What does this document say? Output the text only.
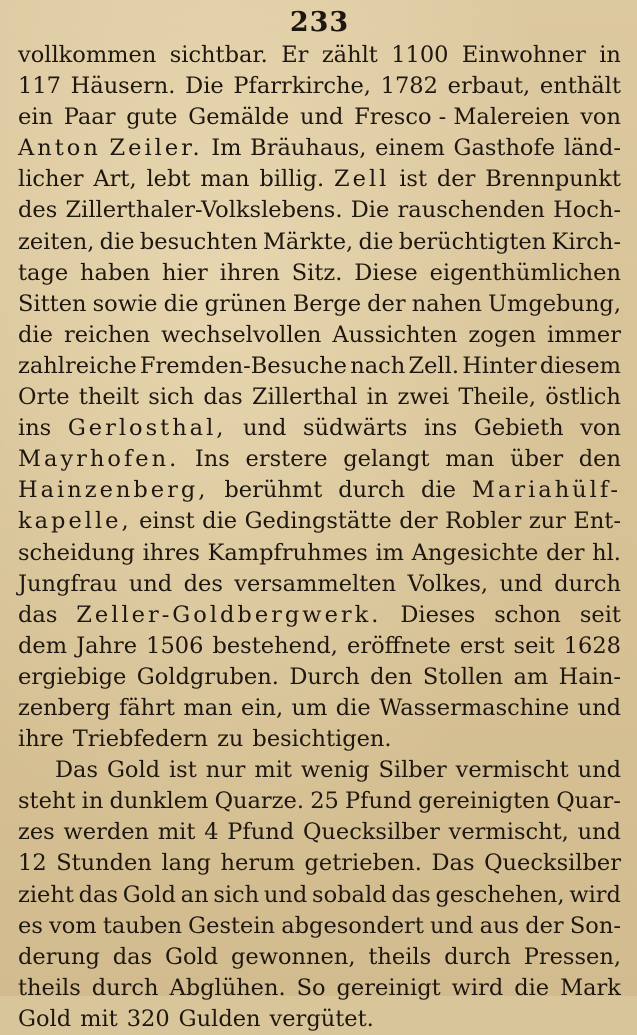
233
vollkommen sichtbar. Er zählt 1100 Einwohner in
117 Häusern. Die Pfarrkirche, 1782 erbaut, enthält
ein Paar gute Gemälde und Fresco - Malereien von
Anton Zeiler. Im Bräuhaus, einem Gasthofe länd-
licher Art, lebt man billig. Zell ist der Brennpunkt
des Zillerthaler-Volkslebens. Die rauschenden Hoch-
zeiten, die besuchten Märkte, die berüchtigten Kirch-
tage haben hier ihren Sitz. Diese eigenthümlichen
Sitten sowie die grünen Berge der nahen Umgebung,
die reichen wechselvollen Aussichten zogen immer
zahlreiche Fremden-Besuche nach Zell. Hinter diesem
Orte theilt sich das Zillerthal in zwei Theile, östlich
ins Gerlosthal, und südwärts ins Gebieth von
Mayrhofen. Ins erstere gelangt man über den
Hainzenberg, berühmt durch die Mariahülf-
kapelle, einst die Gedingstätte der Robler zur Ent-
scheidung ihres Kampfruhmes im Angesichte der hl.
Jungfrau und des versammelten Volkes, und durch
das Zeller-Goldbergwerk. Dieses schon seit
dem Jahre 1506 bestehend, eröffnete erst seit 1628
ergiebige Goldgruben. Durch den Stollen am Hain-
zenberg fährt man ein, um die Wassermaschine und
ihre Triebfedern zu besichtigen.
Das Gold ist nur mit wenig Silber vermischt und
steht in dunklem Quarze. 25 Pfund gereinigten Quar-
zes werden mit 4 Pfund Quecksilber vermischt, und
12 Stunden lang herum getrieben. Das Quecksilber
zieht das Gold an sich und sobald das geschehen, wird
es vom tauben Gestein abgesondert und aus der Son-
derung das Gold gewonnen, theils durch Pressen,
theils durch Abglühen. So gereinigt wird die Mark
Gold mit 320 Gulden vergütet.
